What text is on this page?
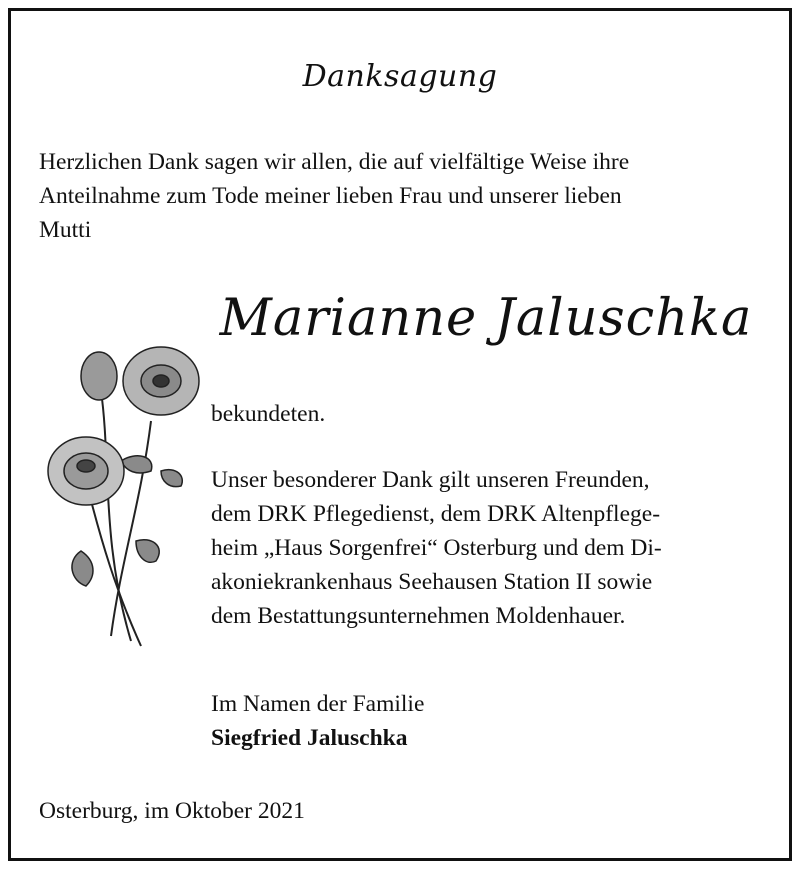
Danksagung
Herzlichen Dank sagen wir allen, die auf vielfältige Weise ihre
Anteilnahme zum Tode meiner lieben Frau und unserer lieben
Mutti
Marianne Jaluschka
bekundeten.
Unser besonderer Dank gilt unseren Freunden,
dem DRK Pflegedienst, dem DRK Altenpflege-
heim „Haus Sorgenfrei“ Osterburg und dem Di-
akoniekrankenhaus Seehausen Station II sowie
dem Bestattungsunternehmen Moldenhauer.
Im Namen der Familie
Siegfried Jaluschka
Osterburg, im Oktober 2021
